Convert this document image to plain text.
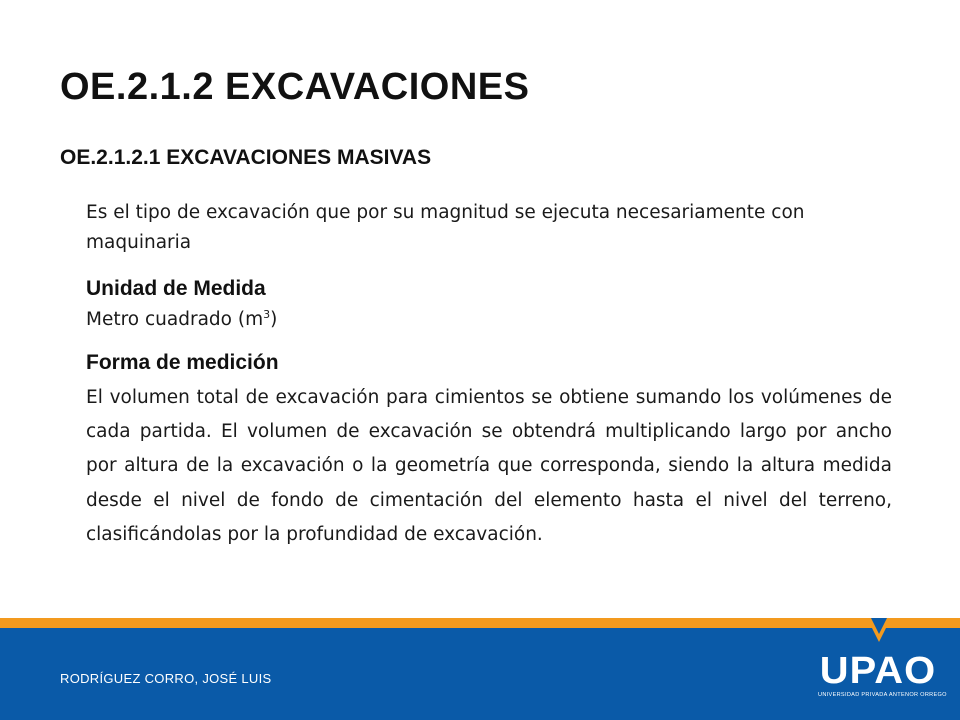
OE.2.1.2 EXCAVACIONES
OE.2.1.2.1 EXCAVACIONES MASIVAS

Es el tipo de excavación que por su magnitud se ejecuta necesariamente con maquinaria

Unidad de Medida

Metro cuadrado $(m^3)$

Forma de medición

El volumen total de excavación para cimientos se obtiene sumando los volúmenes de cada partida. El volumen de excavación se obtendrá multiplicando largo por ancho por altura de la excavación o la geometría que corresponda, siendo la altura medida desde el nivel de fondo de cimentación del elemento hasta el nivel del terreno, clasificándolas por la profundidad de excavación.

RODRÍGUEZ CORRO, JOSÉ LUIS	UPAO
UNIVERSIDAD PRIVADA ANTENOR ORREGO
